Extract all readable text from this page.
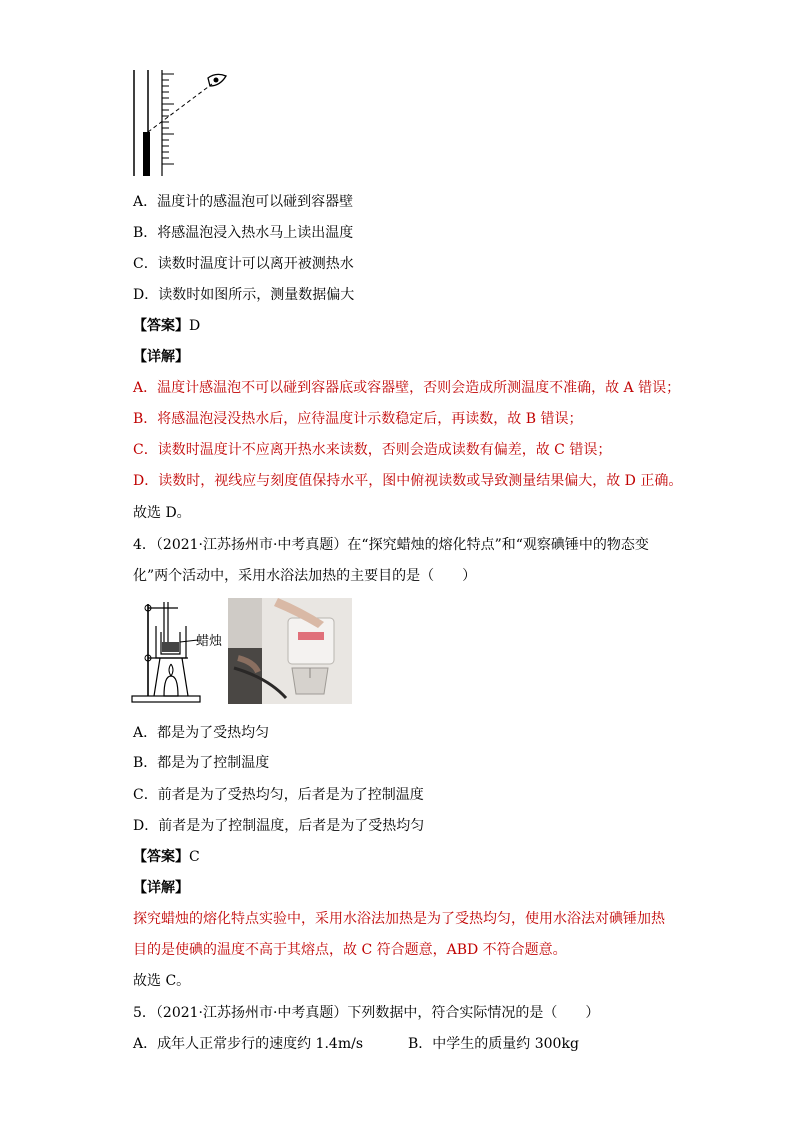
A．温度计的感温泡可以碰到容器壁
B．将感温泡浸入热水马上读出温度
C．读数时温度计可以离开被测热水
D．读数时如图所示，测量数据偏大
【答案】D
【详解】
A．温度计感温泡不可以碰到容器底或容器壁，否则会造成所测温度不准确，故 A 错误；
B．将感温泡浸没热水后，应待温度计示数稳定后，再读数，故 B 错误；
C．读数时温度计不应离开热水来读数，否则会造成读数有偏差，故 C 错误；
D．读数时，视线应与刻度值保持水平，图中俯视读数或导致测量结果偏大，故 D 正确。
故选 D。
4．（2021·江苏扬州市·中考真题）在“探究蜡烛的熔化特点”和“观察碘锤中的物态变
化”两个活动中，采用水浴法加热的主要目的是（　　）
蜡烛
A．都是为了受热均匀
B．都是为了控制温度
C．前者是为了受热均匀，后者是为了控制温度
D．前者是为了控制温度，后者是为了受热均匀
【答案】C
【详解】
探究蜡烛的熔化特点实验中，采用水浴法加热是为了受热均匀，使用水浴法对碘锤加热
目的是使碘的温度不高于其熔点，故 C 符合题意，ABD 不符合题意。
故选 C。
5．（2021·江苏扬州市·中考真题）下列数据中，符合实际情况的是（　　）
A．成年人正常步行的速度约 1.4m/s	B．中学生的质量约 300kg
